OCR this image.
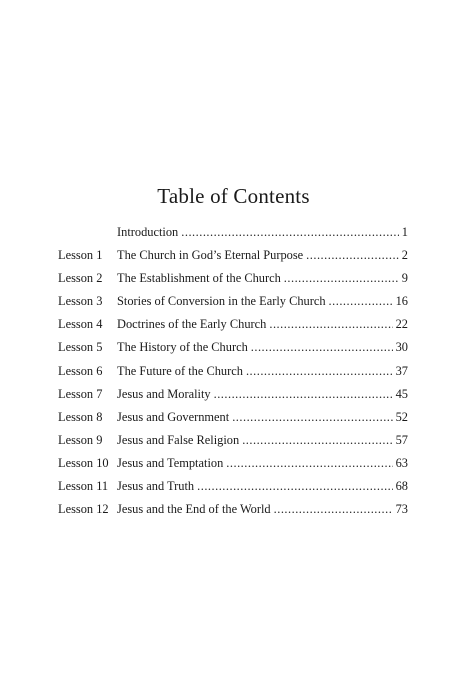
Table of Contents
Introduction . . .	1
Lesson 1	The Church in God’s Eternal Purpose . . .	2
Lesson 2	The Establishment of the Church . . .	9
Lesson 3	Stories of Conversion in the Early Church . . .	16
Lesson 4	Doctrines of the Early Church . . .	22
Lesson 5	The History of the Church . . .	30
Lesson 6	The Future of the Church . . .	37
Lesson 7	Jesus and Morality . . .	45
Lesson 8	Jesus and Government . . .	52
Lesson 9	Jesus and False Religion . . .	57
Lesson 10 Jesus and Temptation . . .	63
Lesson 11 Jesus and Truth . . .	68
Lesson 12 Jesus and the End of the World . . .	73
